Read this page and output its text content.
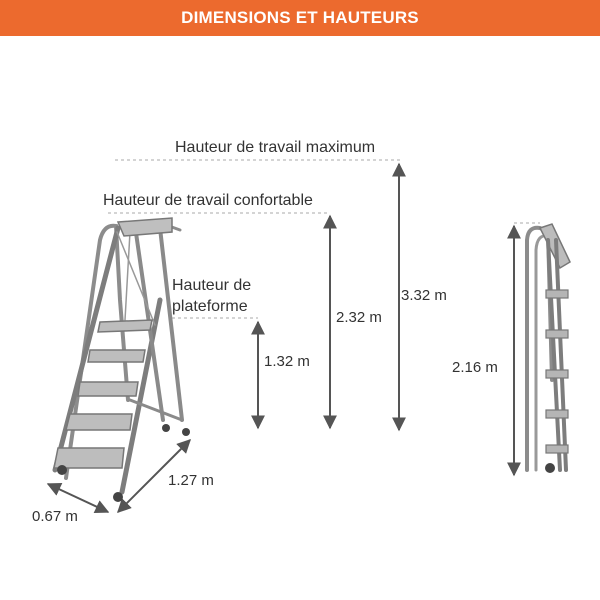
DIMENSIONS ET HAUTEURS
Hauteur de travail maximum
Hauteur de travail confortable
Hauteur de
plateforme
1.32 m
2.32 m
3.32 m
2.16 m
1.27 m
0.67 m
